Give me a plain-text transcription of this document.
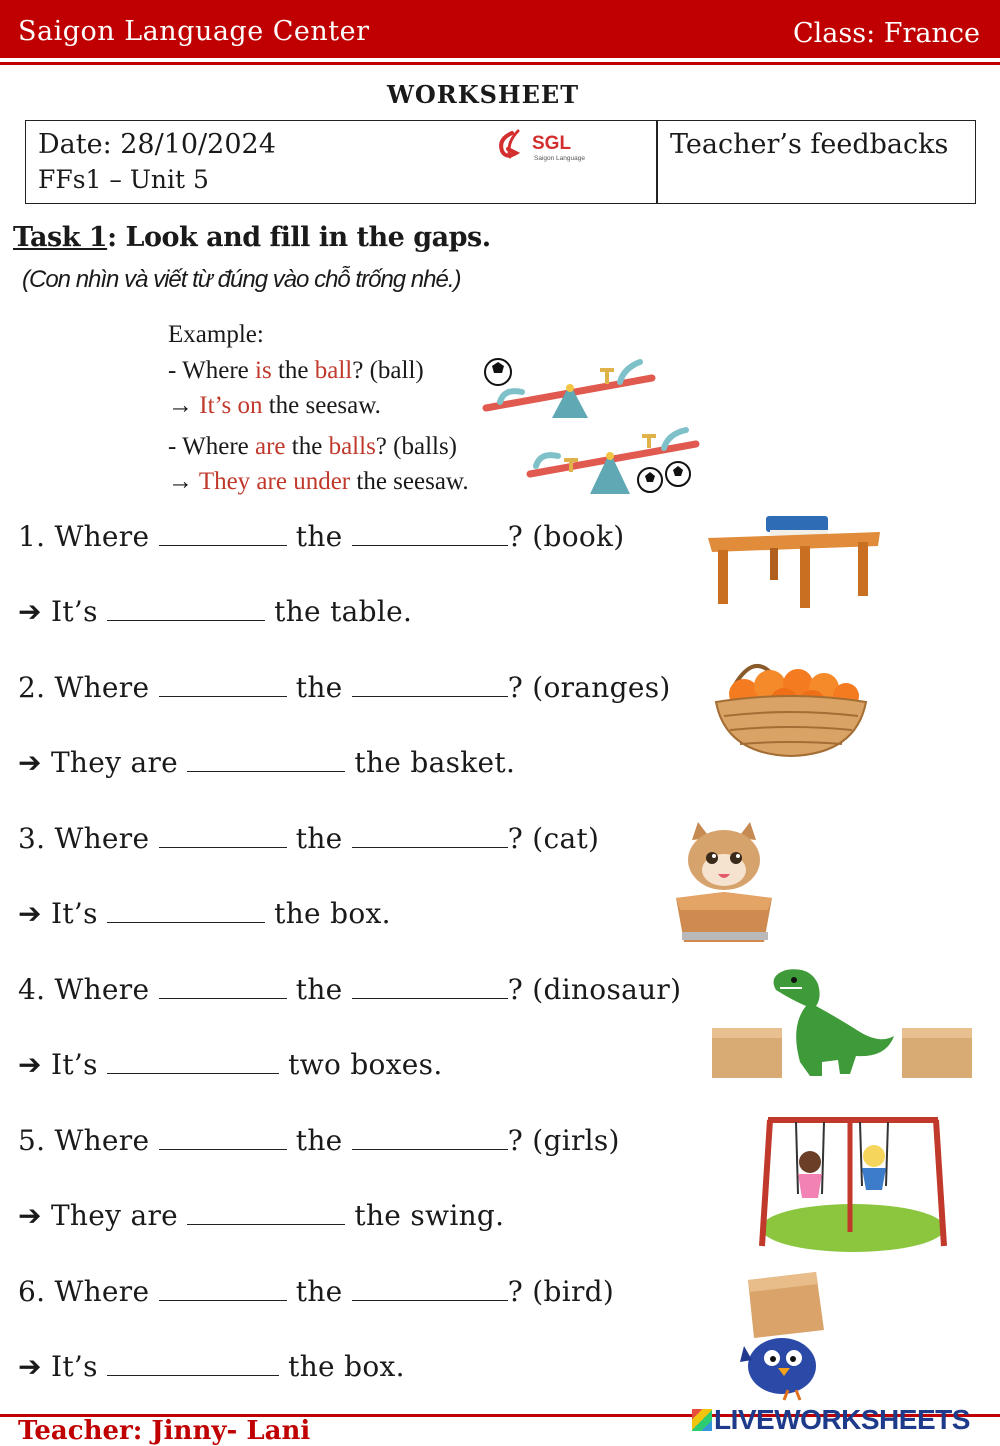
Saigon Language Center	Class: France
WORKSHEET
Date: 28/10/2024
FFs1 – Unit 5
SGL
Saigon Language	Teacher’s feedbacks
Task 1: Look and fill in the gaps.
(Con nhìn và viết từ đúng vào chỗ trống nhé.)
Example:
- Where is the ball? (ball)
→ It’s on the seesaw.
- Where are the balls? (balls)
→ They are under the seesaw.
1. Where	the	? (book)
➔ It’s	the table.
2. Where	the	? (oranges)
➔ They are	the basket.
3. Where	the	? (cat)
➔ It’s	the box.
4. Where	the	? (dinosaur)
➔ It’s	two boxes.
5. Where	the	? (girls)
➔ They are	the swing.
6. Where	the	? (bird)
➔ It’s	the box.
Teacher: Jinny- Lani	LIVEWORKSHEETS
